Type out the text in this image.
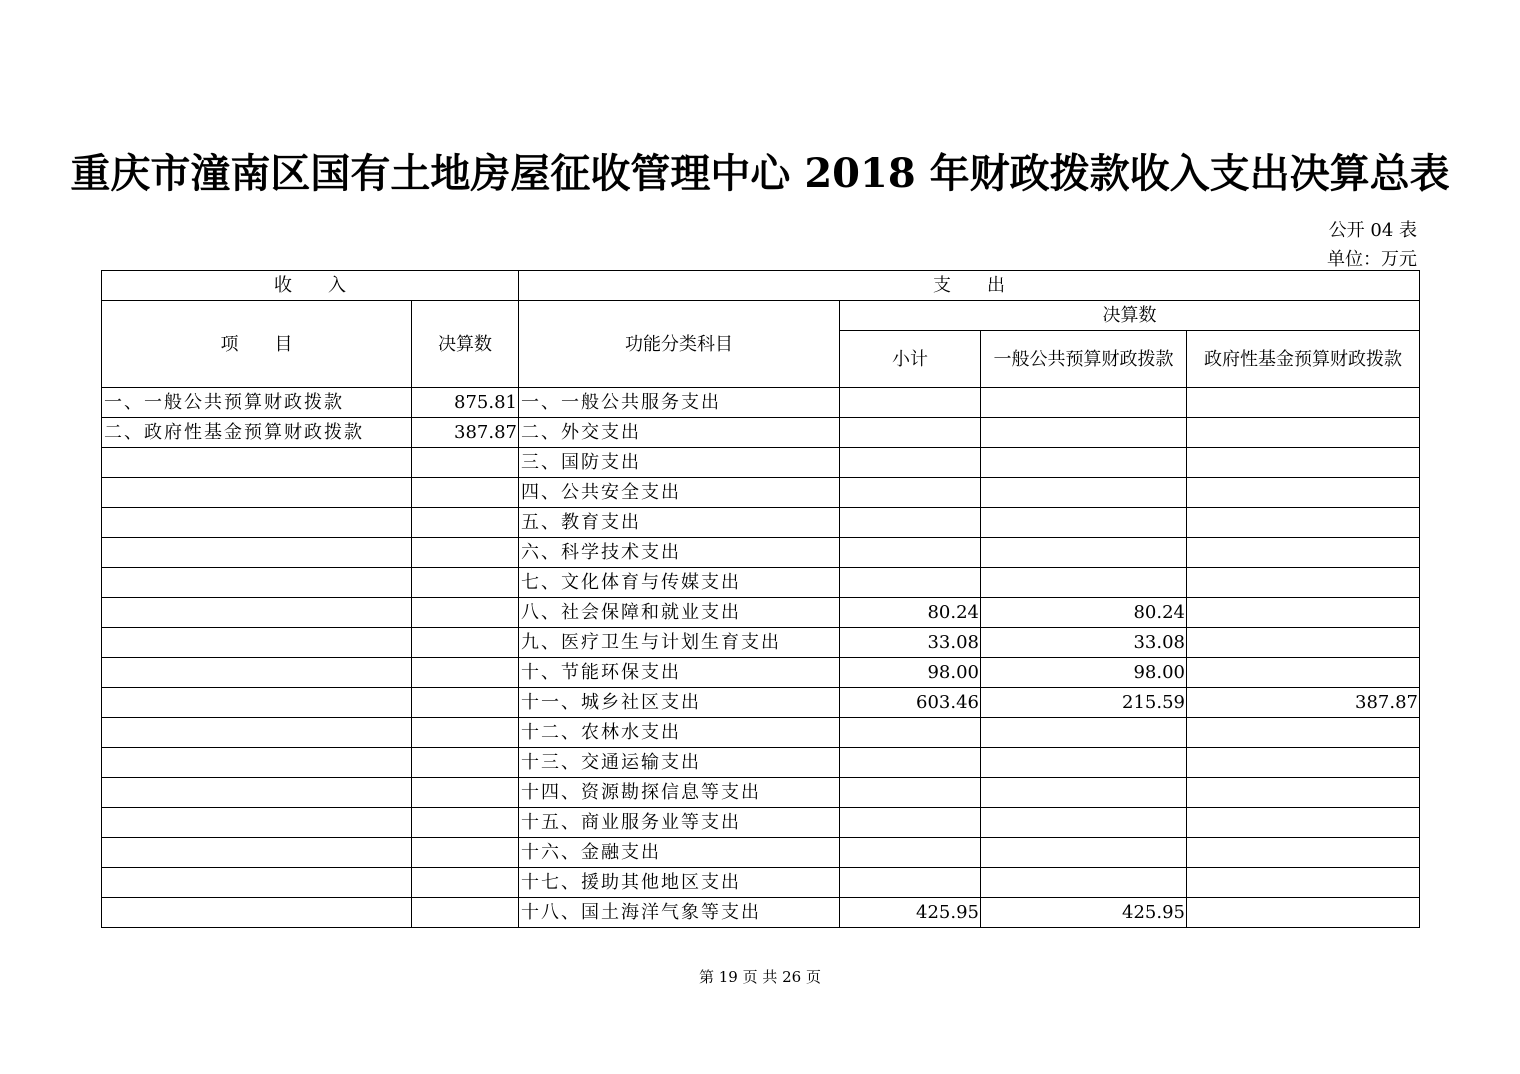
重庆市潼南区国有土地房屋征收管理中心 2018 年财政拨款收入支出决算总表
公开 04 表
单位：万元
收　　入		支　　出			
项　　目	决算数	功能分类科目	决算数		
			小计	一般公共预算财政拨款	政府性基金预算财政拨款
一、一般公共预算财政拨款	875.81	一、一般公共服务支出			
二、政府性基金预算财政拨款	387.87	二、外交支出			
		三、国防支出			
		四、公共安全支出			
		五、教育支出			
		六、科学技术支出			
		七、文化体育与传媒支出			
		八、社会保障和就业支出	80.24	80.24	
		九、医疗卫生与计划生育支出	33.08	33.08	
		十、节能环保支出	98.00	98.00	
		十一、城乡社区支出	603.46	215.59	387.87
		十二、农林水支出			
		十三、交通运输支出			
		十四、资源勘探信息等支出			
		十五、商业服务业等支出			
		十六、金融支出			
		十七、援助其他地区支出			
		十八、国土海洋气象等支出	425.95	425.95	
第 19 页 共 26 页
